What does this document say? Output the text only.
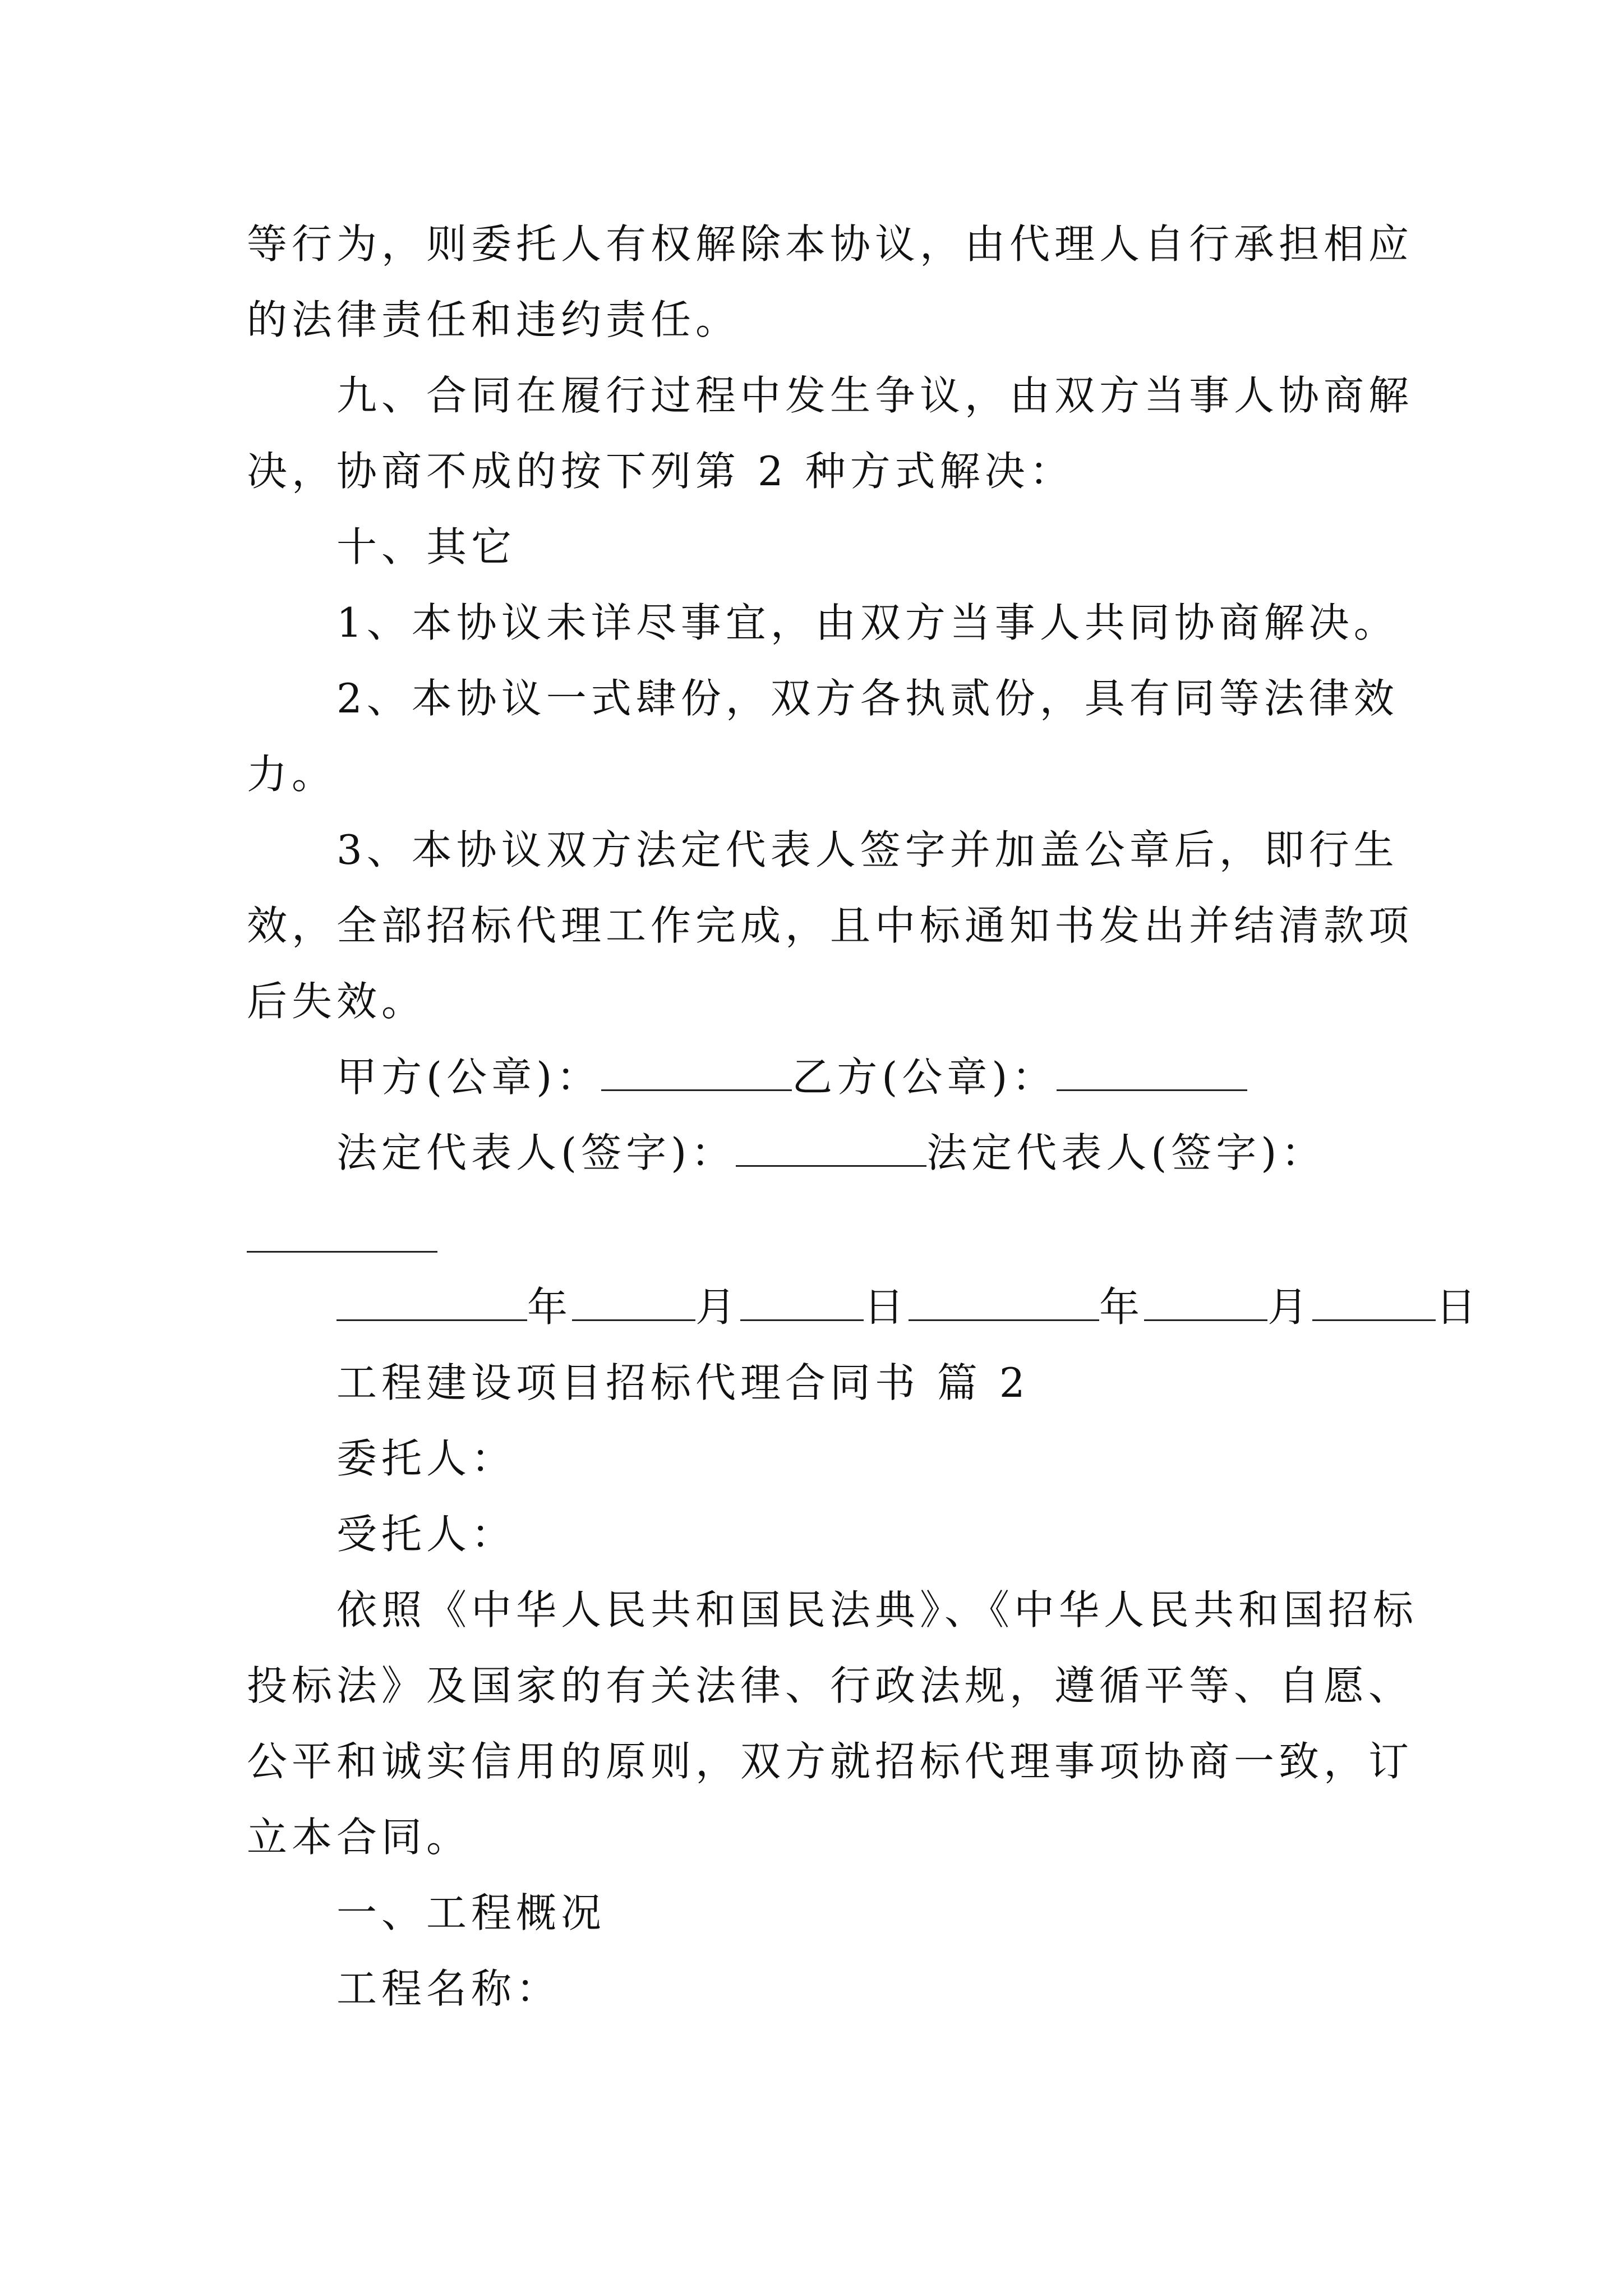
等行为，则委托人有权解除本协议，由代理人自行承担相应
的法律责任和违约责任。
九、合同在履行过程中发生争议，由双方当事人协商解
决，协商不成的按下列第 2 种方式解决：
十、其它
1、本协议未详尽事宜，由双方当事人共同协商解决。
2、本协议一式肆份，双方各执贰份，具有同等法律效
力。
3、本协议双方法定代表人签字并加盖公章后，即行生
效，全部招标代理工作完成，且中标通知书发出并结清款项
后失效。
甲方(公章)：	乙方(公章)：
法定代表人(签字)：	法定代表人(签字)：
年	月	日	年	月	日
工程建设项目招标代理合同书 篇 2
委托人：
受托人：
依照《中华人民共和国民法典》、《中华人民共和国招标
投标法》及国家的有关法律、行政法规，遵循平等、自愿、
公平和诚实信用的原则，双方就招标代理事项协商一致，订
立本合同。
一、工程概况
工程名称：
